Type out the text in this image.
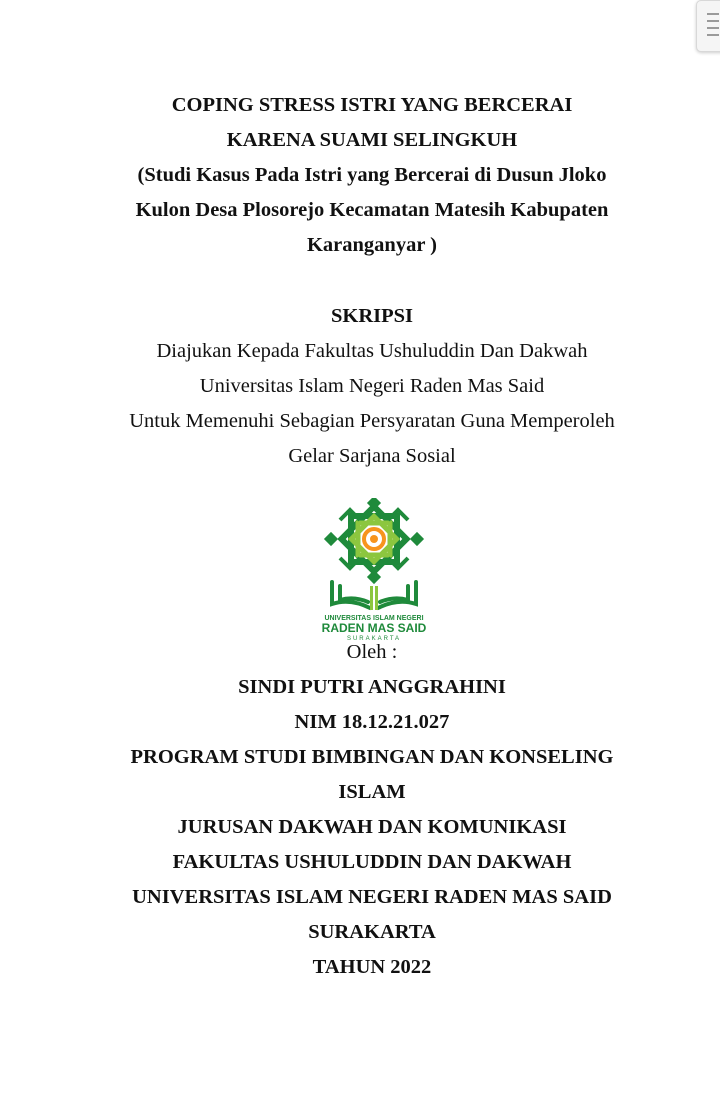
COPING STRESS ISTRI YANG BERCERAI
KARENA SUAMI SELINGKUH
(Studi Kasus Pada Istri yang Bercerai di Dusun Jloko
Kulon Desa Plosorejo Kecamatan Matesih Kabupaten
Karanganyar )
SKRIPSI
Diajukan Kepada Fakultas Ushuluddin Dan Dakwah
Universitas Islam Negeri Raden Mas Said
Untuk Memenuhi Sebagian Persyaratan Guna Memperoleh
Gelar Sarjana Sosial
UNIVERSITAS ISLAM NEGERI
RADEN MAS SAID
SURAKARTA
Oleh :
SINDI PUTRI ANGGRAHINI
NIM 18.12.21.027
PROGRAM STUDI BIMBINGAN DAN KONSELING
ISLAM
JURUSAN DAKWAH DAN KOMUNIKASI
FAKULTAS USHULUDDIN DAN DAKWAH
UNIVERSITAS ISLAM NEGERI RADEN MAS SAID
SURAKARTA
TAHUN 2022
